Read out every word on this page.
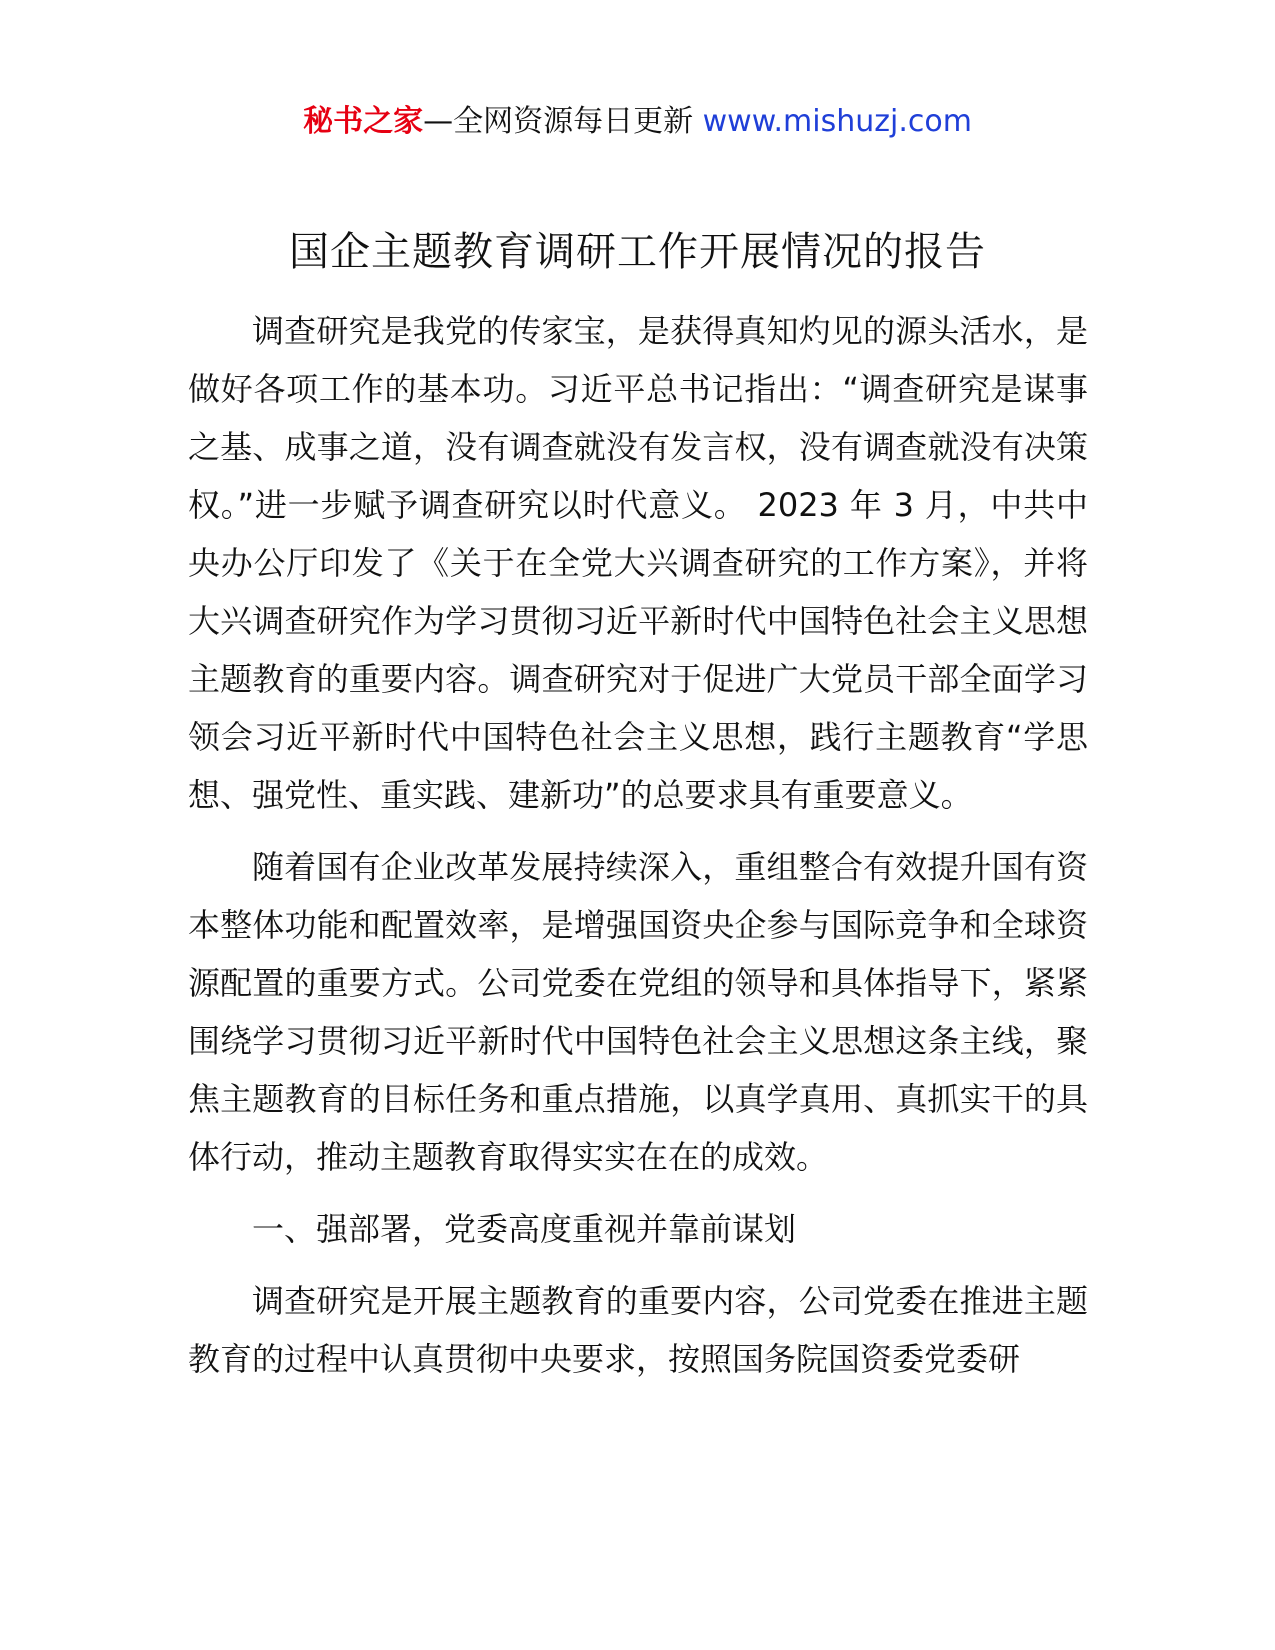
秘书之家—全网资源每日更新 www.mishuzj.com
国企主题教育调研工作开展情况的报告

调查研究是我党的传家宝，是获得真知灼见的源头活水，是做好各项工作的基本功。习近平总书记指出：“调查研究是谋事之基、成事之道，没有调查就没有发言权，没有调查就没有决策权。”进一步赋予调查研究以时代意义。 2023 年 3 月，中共中央办公厅印发了《关于在全党大兴调查研究的工作方案》，并将大兴调查研究作为学习贯彻习近平新时代中国特色社会主义思想主题教育的重要内容。调查研究对于促进广大党员干部全面学习领会习近平新时代中国特色社会主义思想，践行主题教育“学思想、强党性、重实践、建新功”的总要求具有重要意义。

随着国有企业改革发展持续深入，重组整合有效提升国有资本整体功能和配置效率，是增强国资央企参与国际竞争和全球资源配置的重要方式。公司党委在党组的领导和具体指导下，紧紧围绕学习贯彻习近平新时代中国特色社会主义思想这条主线，聚焦主题教育的目标任务和重点措施，以真学真用、真抓实干的具体行动，推动主题教育取得实实在在的成效。

一、强部署，党委高度重视并靠前谋划

调查研究是开展主题教育的重要内容，公司党委在推进主题教育的过程中认真贯彻中央要求，按照国务院国资委党委研
